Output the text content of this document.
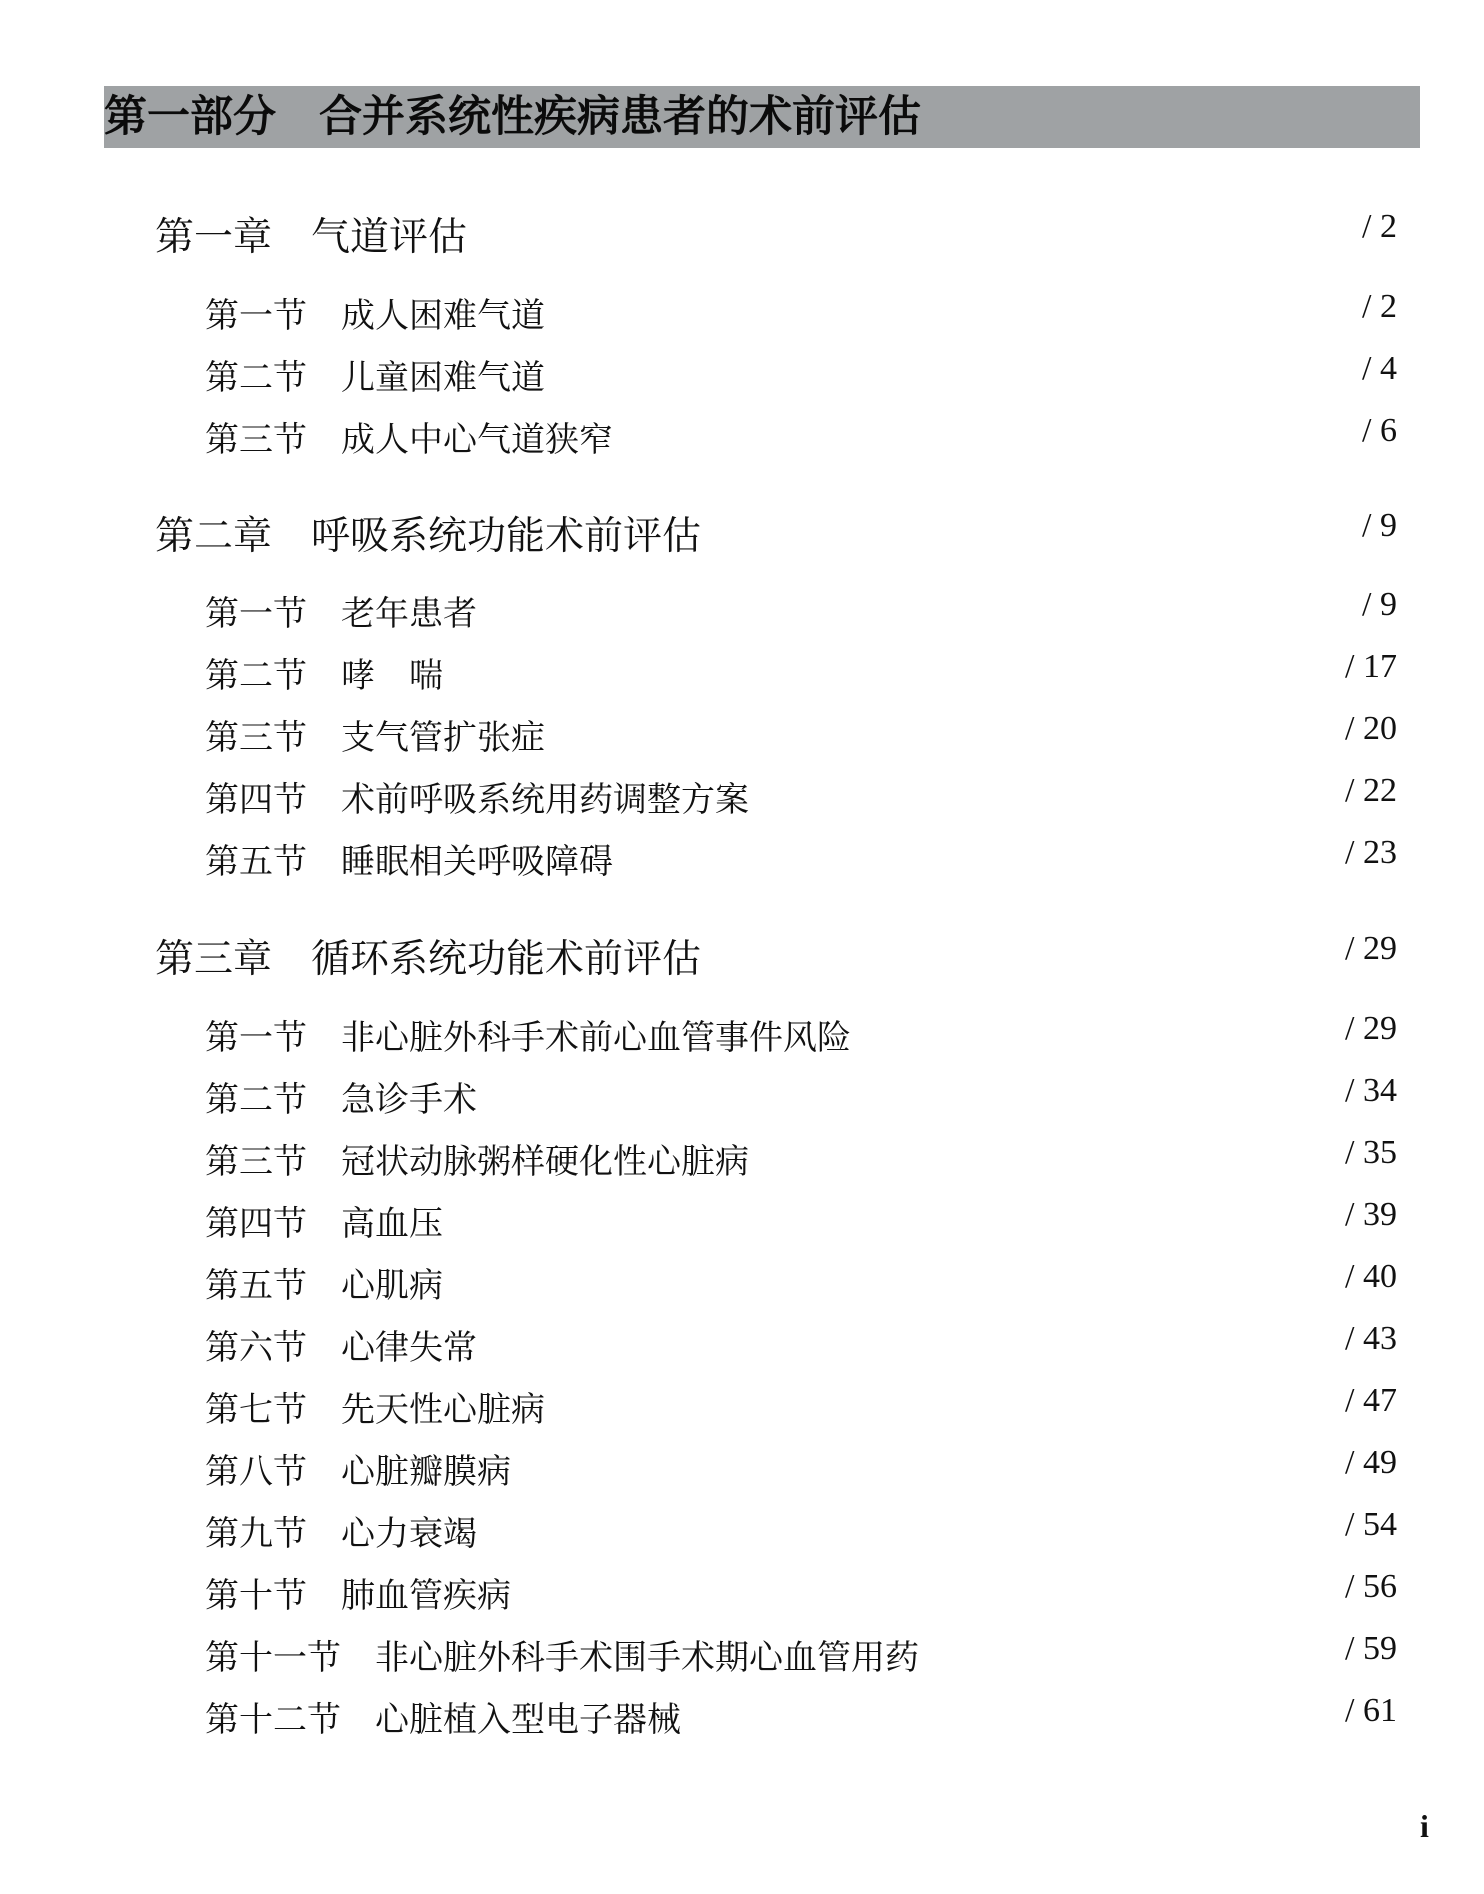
第一部分　合并系统性疾病患者的术前评估
第一章　气道评估	/ 2
第一节　成人困难气道	/ 2
第二节　儿童困难气道	/ 4
第三节　成人中心气道狭窄	/ 6
第二章　呼吸系统功能术前评估	/ 9
第一节　老年患者	/ 9
第二节　哮　喘	/ 17
第三节　支气管扩张症	/ 20
第四节　术前呼吸系统用药调整方案	/ 22
第五节　睡眠相关呼吸障碍	/ 23
第三章　循环系统功能术前评估	/ 29
第一节　非心脏外科手术前心血管事件风险	/ 29
第二节　急诊手术	/ 34
第三节　冠状动脉粥样硬化性心脏病	/ 35
第四节　高血压	/ 39
第五节　心肌病	/ 40
第六节　心律失常	/ 43
第七节　先天性心脏病	/ 47
第八节　心脏瓣膜病	/ 49
第九节　心力衰竭	/ 54
第十节　肺血管疾病	/ 56
第十一节　非心脏外科手术围手术期心血管用药	/ 59
第十二节　心脏植入型电子器械	/ 61
i
